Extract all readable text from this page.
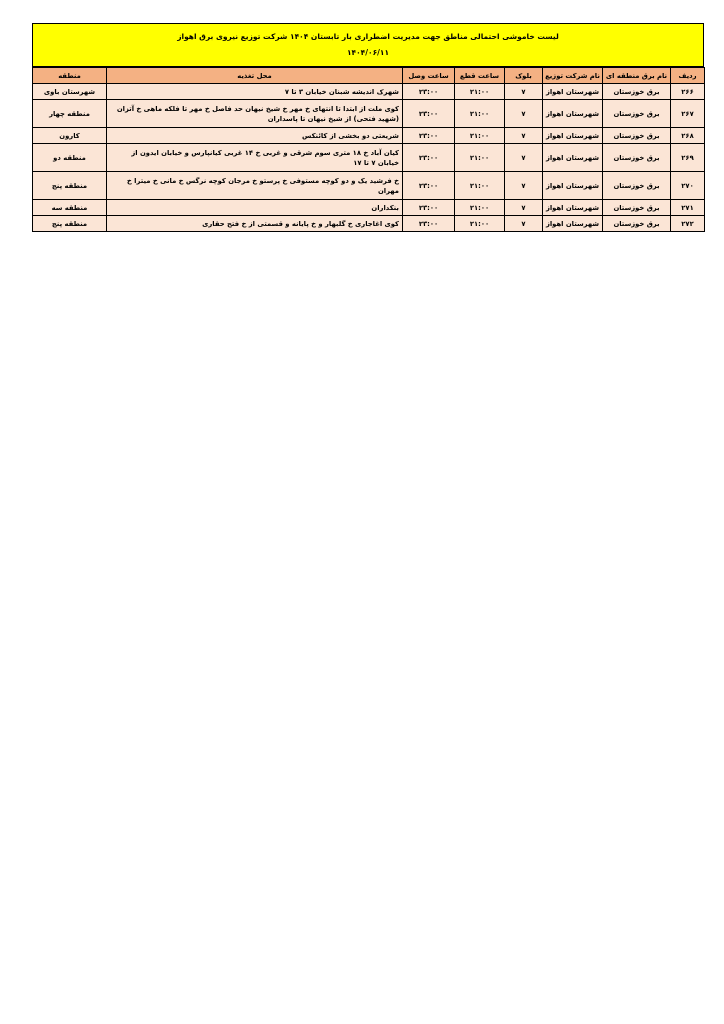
لیست خاموشی احتمالی مناطق جهت مدیریت اضطراری بار تابستان ۱۴۰۴ شرکت توزیع نیروی برق اهواز
۱۴۰۴/۰۶/۱۱
ردیف	نام برق منطقه ای	نام شرکت توزیع	بلوک	ساعت قطع	ساعت وصل	محل تغذیه	منطقه
۲۶۶	برق خوزستان	شهرستان اهواز	۷	۲۱:۰۰	۲۳:۰۰	شهرک اندیشه شبنان خیابان ۳ تا ۷	شهرستان باوی
۲۶۷	برق خوزستان	شهرستان اهواز	۷	۲۱:۰۰	۲۳:۰۰	کوی ملت از ابتدا تا انتهای خ مهر خ شیخ نیهان حد فاصل خ مهر تا فلکه ماهی خ آتزان (شهید فتحی) از شیخ نیهان تا پاسداران	منطقه چهار
۲۶۸	برق خوزستان	شهرستان اهواز	۷	۲۱:۰۰	۲۳:۰۰	شریعتی دو بخشی از کائنکس	کارون
۲۶۹	برق خوزستان	شهرستان اهواز	۷	۲۱:۰۰	۲۳:۰۰	کیان آباد خ ۱۸ متری سوم شرقی و غربی خ ۱۴ غربی کیانپارس و خیابان ایدون از خیابان ۷ تا ۱۷	منطقه دو
۲۷۰	برق خوزستان	شهرستان اهواز	۷	۲۱:۰۰	۲۳:۰۰	خ فرشید یک و دو کوچه مستوفی خ پرستو خ مرجان کوچه نرگس خ مانی خ میترا خ مهران	منطقه پنج
۲۷۱	برق خوزستان	شهرستان اهواز	۷	۲۱:۰۰	۲۳:۰۰	بنکداران	منطقه سه
۲۷۲	برق خوزستان	شهرستان اهواز	۷	۲۱:۰۰	۲۳:۰۰	کوی اغاجاری خ گلبهار و خ پایانه و قسمتی از خ فتح حقاری	منطقه پنج
